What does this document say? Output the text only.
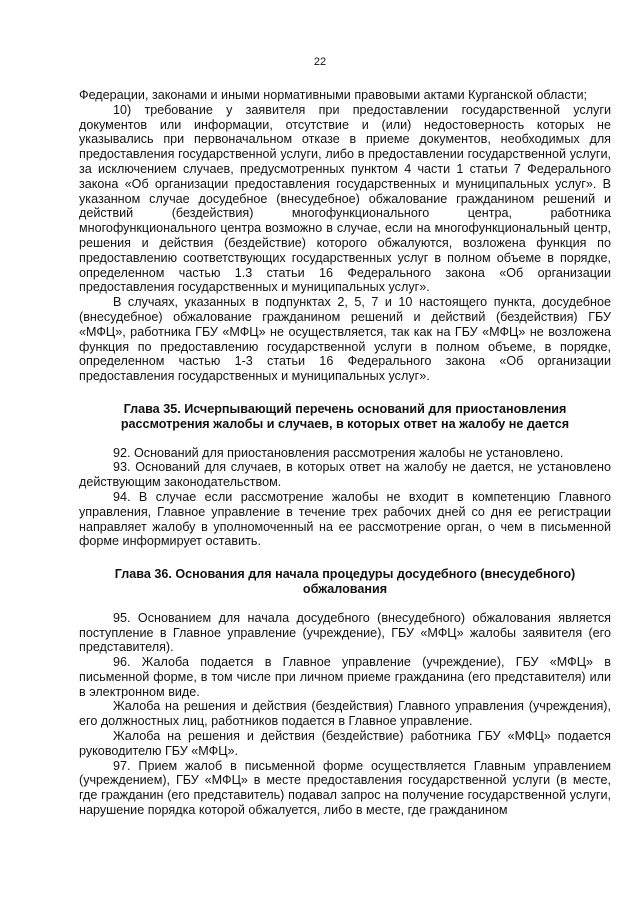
22

Федерации, законами и иными нормативными правовыми актами Курганской области;

10) требование у заявителя при предоставлении государственной услуги документов или информации, отсутствие и (или) недостоверность которых не указывались при первоначальном отказе в приеме документов, необходимых для предоставления государственной услуги, либо в предоставлении государственной услуги, за исключением случаев, предусмотренных пунктом 4 части 1 статьи 7 Федерального закона «Об организации предоставления государственных и муниципальных услуг». В указанном случае досудебное (внесудебное) обжалование гражданином решений и действий (бездействия) многофункционального центра, работника многофункционального центра возможно в случае, если на многофункциональный центр, решения и действия (бездействие) которого обжалуются, возложена функция по предоставлению соответствующих государственных услуг в полном объеме в порядке, определенном частью 1.3 статьи 16 Федерального закона «Об организации предоставления государственных и муниципальных услуг».

В случаях, указанных в подпунктах 2, 5, 7 и 10 настоящего пункта, досудебное (внесудебное) обжалование гражданином решений и действий (бездействия) ГБУ «МФЦ», работника ГБУ «МФЦ» не осуществляется, так как на ГБУ «МФЦ» не возложена функция по предоставлению государственной услуги в полном объеме, в порядке, определенном частью 1-3 статьи 16 Федерального закона «Об организации предоставления государственных и муниципальных услуг».

Глава 35. Исчерпывающий перечень оснований для приостановления рассмотрения жалобы и случаев, в которых ответ на жалобу не дается

92. Оснований для приостановления рассмотрения жалобы не установлено.

93. Оснований для случаев, в которых ответ на жалобу не дается, не установлено действующим законодательством.

94. В случае если рассмотрение жалобы не входит в компетенцию Главного управления, Главное управление в течение трех рабочих дней со дня ее регистрации направляет жалобу в уполномоченный на ее рассмотрение орган, о чем в письменной форме информирует оставить.

Глава 36. Основания для начала процедуры досудебного (внесудебного) обжалования

95. Основанием для начала досудебного (внесудебного) обжалования является поступление в Главное управление (учреждение), ГБУ «МФЦ» жалобы заявителя (его представителя).

96. Жалоба подается в Главное управление (учреждение), ГБУ «МФЦ» в письменной форме, в том числе при личном приеме гражданина (его представителя) или в электронном виде.

Жалоба на решения и действия (бездействия) Главного управления (учреждения), его должностных лиц, работников подается в Главное управление.

Жалоба на решения и действия (бездействие) работника ГБУ «МФЦ» подается руководителю ГБУ «МФЦ».

97. Прием жалоб в письменной форме осуществляется Главным управлением (учреждением), ГБУ «МФЦ» в месте предоставления государственной услуги (в месте, где гражданин (его представитель) подавал запрос на получение государственной услуги, нарушение порядка которой обжалуется, либо в месте, где гражданином
